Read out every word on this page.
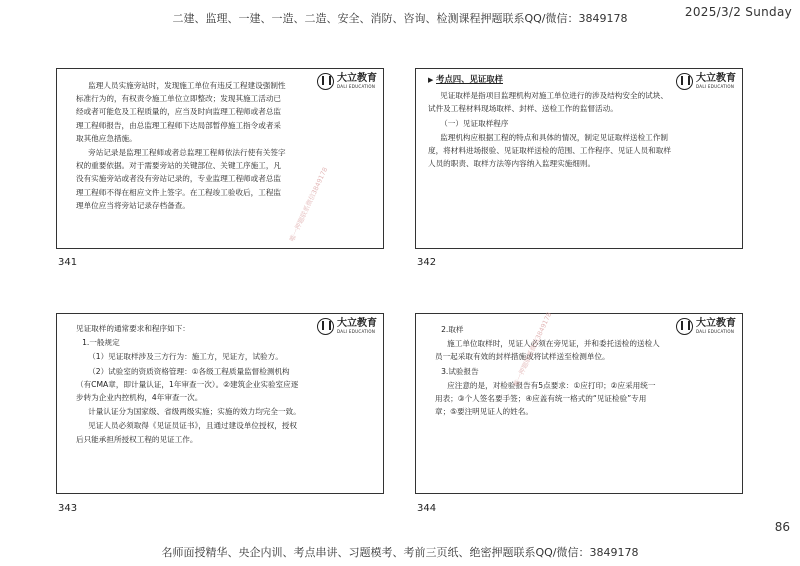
二建、监理、一建、一造、二造、安全、消防、咨询、检测课程押题联系QQ/微信：3849178	2025/3/2 Sunday
大立教育
DALI EDUCATION

监理人员实施旁站时，发现施工单位有违反工程建设强制性标准行为的，有权责令施工单位立即整改；发现其施工活动已经或者可能危及工程质量的，应当及时向监理工程师或者总监理工程师报告，由总监理工程师下达局部暂停施工指令或者采取其他应急措施。

旁站记录是监理工程师或者总监理工程师依法行使有关签字权的重要依据。对于需要旁站的关键部位、关键工序施工，凡没有实施旁站或者没有旁站记录的，专业监理工程师或者总监理工程师不得在相应文件上签字。在工程竣工验收后，工程监理单位应当将旁站记录存档备查。	唯一押题联系微信3849178
341
大立教育
DALI EDUCATION
▶ 考点四、见证取样

见证取样是指项目监理机构对施工单位进行的涉及结构安全的试块、试件及工程材料现场取样、封样、送检工作的监督活动。

（一）见证取样程序

监理机构应根据工程的特点和具体的情况，制定见证取样送检工作制度，将材料进场报验、见证取样送检的范围、工作程序、见证人员和取样人员的职责、取样方法等内容纳入监理实施细则。

342
大立教育
DALI EDUCATION

见证取样的通常要求和程序如下：

1.一般规定

（1）见证取样涉及三方行为：施工方，见证方，试验方。

（2）试验室的资质资格管理：①各级工程质量监督检测机构（有CMA章，即计量认证，1年审查一次）。②建筑企业实验室应逐步转为企业内控机构，4年审查一次。

计量认证分为国家级、省级两级实施；实施的效力均完全一致。

见证人员必须取得《见证员证书》，且通过建设单位授权，授权后只能承担所授权工程的见证工作。

343
大立教育
DALI EDUCATION

2.取样

施工单位取样时，见证人必须在旁见证，并和委托送检的送检人员一起采取有效的封样措施或将试样送至检测单位。

3.试验报告

应注意的是，对检验报告有5点要求：①应打印；②应采用统一用表；③个人签名要手签；④应盖有统一格式的“见证检验”专用章；⑤要注明见证人的姓名。

唯一押题联系微信3849178
344
86
名师面授精华、央企内训、考点串讲、习题模考、考前三页纸、绝密押题联系QQ/微信：3849178
